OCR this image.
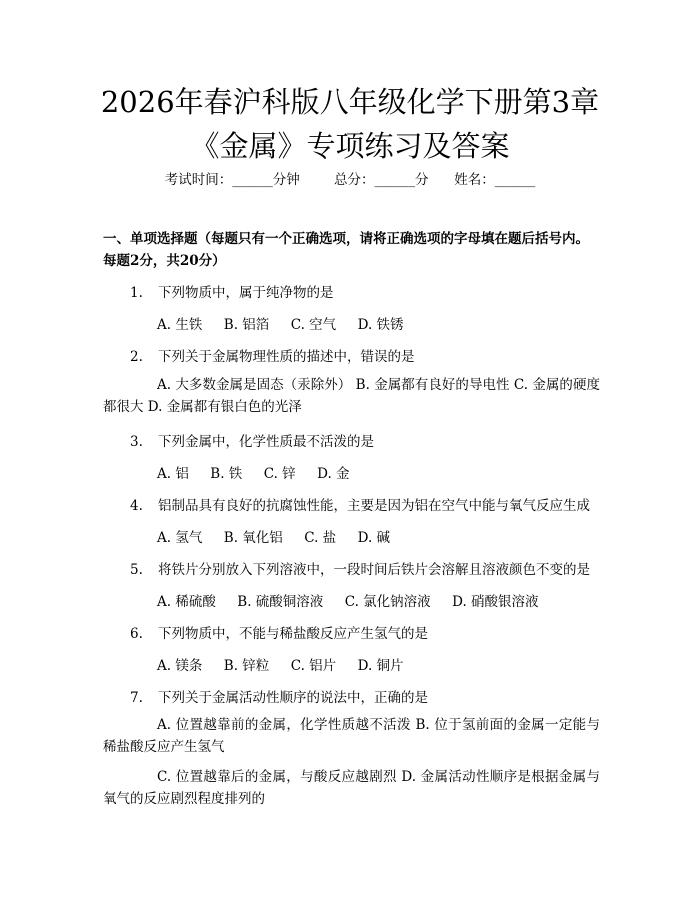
2026年春沪科版八年级化学下册第3章《金属》专项练习及答案
考试时间：______分钟	总分：______分 姓名：______
一、单项选择题（每题只有一个正确选项，请将正确选项的字母填在题后括号内。每题2分，共20分）
1. 下列物质中，属于纯净物的是
A. 生铁     B. 铝箔     C. 空气     D. 铁锈
2. 下列关于金属物理性质的描述中，错误的是
A. 大多数金属是固态（汞除外） B. 金属都有良好的导电性 C. 金属的硬度都很大 D. 金属都有银白色的光泽
3. 下列金属中，化学性质最不活泼的是
A. 铝     B. 铁     C. 锌     D. 金
4. 铝制品具有良好的抗腐蚀性能，主要是因为铝在空气中能与氧气反应生成
A. 氢气     B. 氧化铝     C. 盐     D. 碱
5. 将铁片分别放入下列溶液中，一段时间后铁片会溶解且溶液颜色不变的是
A. 稀硫酸     B. 硫酸铜溶液     C. 氯化钠溶液     D. 硝酸银溶液
6. 下列物质中，不能与稀盐酸反应产生氢气的是
A. 镁条     B. 锌粒     C. 铝片     D. 铜片
7. 下列关于金属活动性顺序的说法中，正确的是
A. 位置越靠前的金属，化学性质越不活泼 B. 位于氢前面的金属一定能与稀盐酸反应产生氢气
C. 位置越靠后的金属，与酸反应越剧烈 D. 金属活动性顺序是根据金属与氧气的反应剧烈程度排列的
